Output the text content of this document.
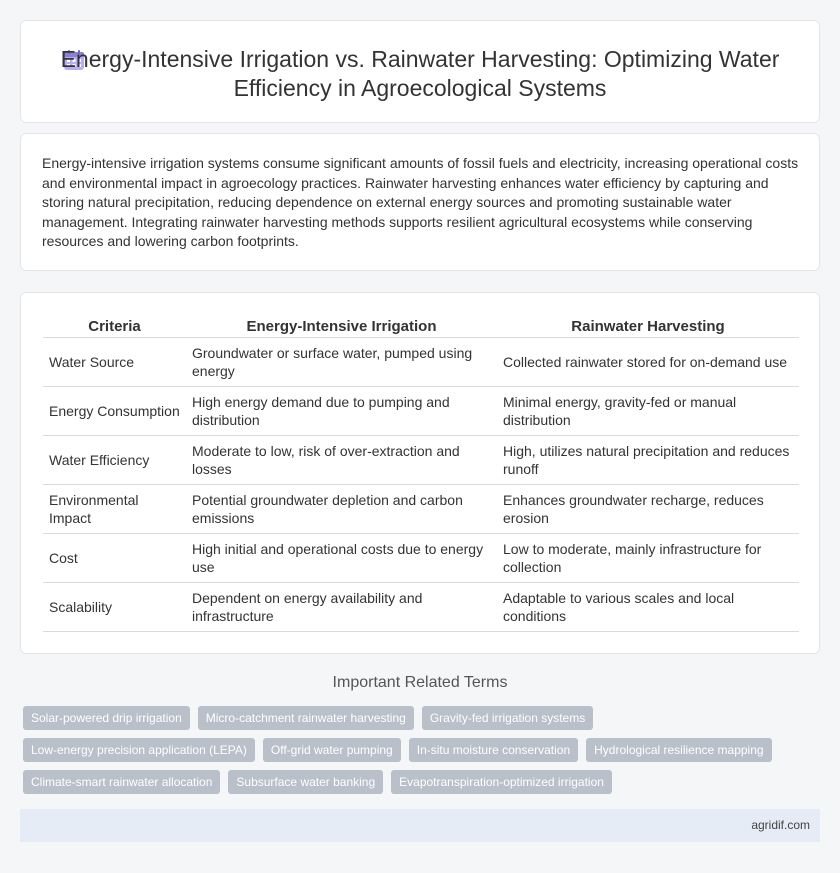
Energy-Intensive Irrigation vs. Rainwater Harvesting: Optimizing Water Efficiency in Agroecological Systems

Energy-intensive irrigation systems consume significant amounts of fossil fuels and electricity, increasing operational costs and environmental impact in agroecology practices. Rainwater harvesting enhances water efficiency by capturing and storing natural precipitation, reducing dependence on external energy sources and promoting sustainable water management. Integrating rainwater harvesting methods supports resilient agricultural ecosystems while conserving resources and lowering carbon footprints.

Criteria	Energy-Intensive Irrigation	Rainwater Harvesting
Water Source	Groundwater or surface water, pumped using energy	Collected rainwater stored for on-demand use
Energy Consumption	High energy demand due to pumping and distribution	Minimal energy, gravity-fed or manual distribution
Water Efficiency	Moderate to low, risk of over-extraction and losses	High, utilizes natural precipitation and reduces runoff
Environmental Impact	Potential groundwater depletion and carbon emissions	Enhances groundwater recharge, reduces erosion
Cost	High initial and operational costs due to energy use	Low to moderate, mainly infrastructure for collection
Scalability	Dependent on energy availability and infrastructure	Adaptable to various scales and local conditions
Important Related Terms
Solar-powered drip irrigation	Micro-catchment rainwater harvesting	Gravity-fed irrigation systems
Low-energy precision application (LEPA)	Off-grid water pumping	In-situ moisture conservation	Hydrological resilience mapping
Climate-smart rainwater allocation	Subsurface water banking	Evapotranspiration-optimized irrigation
agridif.com
